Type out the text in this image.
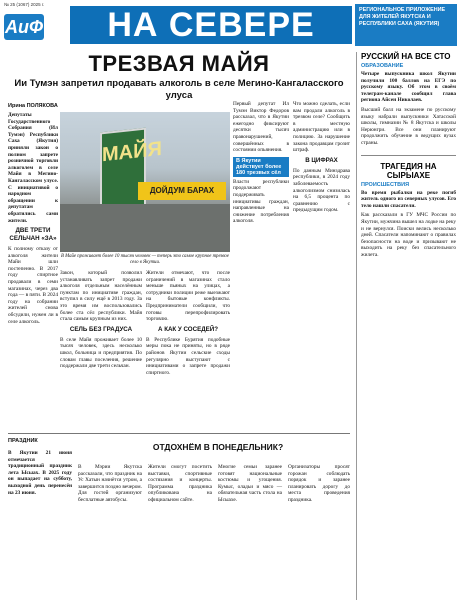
№ 25 (1067) 2025 г.
АиФ	НА СЕВЕРЕ	РЕГИОНАЛЬНОЕ ПРИЛОЖЕНИЕ ДЛЯ ЖИТЕЛЕЙ ЯКУТСКА И РЕСПУБЛИКИ САХА (ЯКУТИЯ)
ТРЕЗВАЯ МАЙЯ
Ии Тумэн запретил продавать алкоголь в селе Мегино-Кангаласского улуса
Ирина ПОЛЯКОВА
Депутаты Государственного Собрания (Ил Тумэн) Республики Саха (Якутия) приняли закон о полном запрете розничной торговли алкоголем в селе Майя в Мегино-Кангаласском улусе. С инициативой о народном обращении к депутатам обратились сами жители.
ДВЕ ТРЕТИ СЕЛЬЧАН «ЗА»
К полному отказу от алкоголя жители Майи шли постепенно. В 2017 году спиртное продавали в семи магазинах, через два года — в пяти. В 2024 году на собрании жителей снова обсудили, нужен ли в селе алкоголь.
МАЙЯ
ДОЙДУМ БАРАХ
В Майе проживает более 10 тысяч человек — теперь это самое крупное трезвое село в Якутии.
Закон, который позволил устанавливать запрет продажи алкоголя отдельным населённым пунктам по инициативе граждан, вступил в силу ещё в 2013 году. За это время им воспользовались более ста сёл республики. Майя стала самым крупным из них.
СЕЛЬ БЕЗ ГРАДУСА
В селе Майя проживает более 10 тысяч человек, здесь несколько школ, больница и предприятия. По словам главы поселения, решение поддержали две трети сельчан.
Жители отмечают, что после ограничений в магазинах стало меньше пьяных на улицах, а сотрудники полиции реже выезжают на бытовые конфликты. Предприниматели сообщили, что готовы перепрофилировать торговлю.
А КАК У СОСЕДЕЙ?
В Республике Бурятия подобные меры пока не приняты, но в ряде районов Якутии сельские сходы регулярно выступают с инициативами о запрете продажи спиртного.
Первый депутат Ил Тумэн Виктор Федоров рассказал, что в Якутии ежегодно фиксируют десятки тысяч правонарушений, совершённых в состоянии опьянения.
В Якутии действует более 180 трезвых сёл
Власти республики продолжают поддерживать инициативы граждан, направленные на снижение потребления алкоголя.
Что можно сделать, если вам продали алкоголь в трезвом селе? Сообщить в местную администрацию или в полицию. За нарушение закона продавцам грозит штраф.
В ЦИФРАХ
По данным Минздрава республики, в 2024 году заболеваемость алкоголизмом снизилась на 6,5 процента по сравнению с предыдущим годом.
ПРАЗДНИК
ОТДОХНЁМ В ПОНЕДЕЛЬНИК?
В Якутии 21 июня отмечается традиционный праздник лета Ысыах. В 2025 году он выпадает на субботу, выходной день перенесён на 23 июня.
В Мэрии Якутска рассказали, что праздник на Ус Хатын начнётся утром, а завершится поздно вечером. Для гостей организуют бесплатные автобусы.
Жители смогут посетить выставки, спортивные состязания и концерты. Программа праздника опубликована на официальном сайте.
Многие семьи заранее готовят национальные костюмы и угощения. Кумыс, оладьи и мясо — обязательная часть стола на Ысыахе.
Организаторы просят горожан соблюдать порядок и заранее планировать дорогу до места проведения праздника.
РУССКИЙ НА ВСЕ СТО
ОБРАЗОВАНИЕ
Четыре выпускника школ Якутии получили 100 баллов на ЕГЭ по русскому языку. Об этом в своём телеграм-канале сообщил глава региона Айсен Николаев.
Высший балл на экзамене по русскому языку набрали выпускники Хатасской школы, гимназии № 8 Якутска и школы Нерюнгри. Все они планируют продолжить обучение в ведущих вузах страны.
ТРАГЕДИЯ НА СЫРЫАХЕ
ПРОИСШЕСТВИЯ
Во время рыбалки на реке погиб житель одного из северных улусов. Его тело нашли спасатели.
Как рассказали в ГУ МЧС России по Якутии, мужчина вышел на лодке на реку и не вернулся. Поиски велись несколько дней. Спасатели напоминают о правилах безопасности на воде и призывают не выходить на реку без спасательного жилета.
